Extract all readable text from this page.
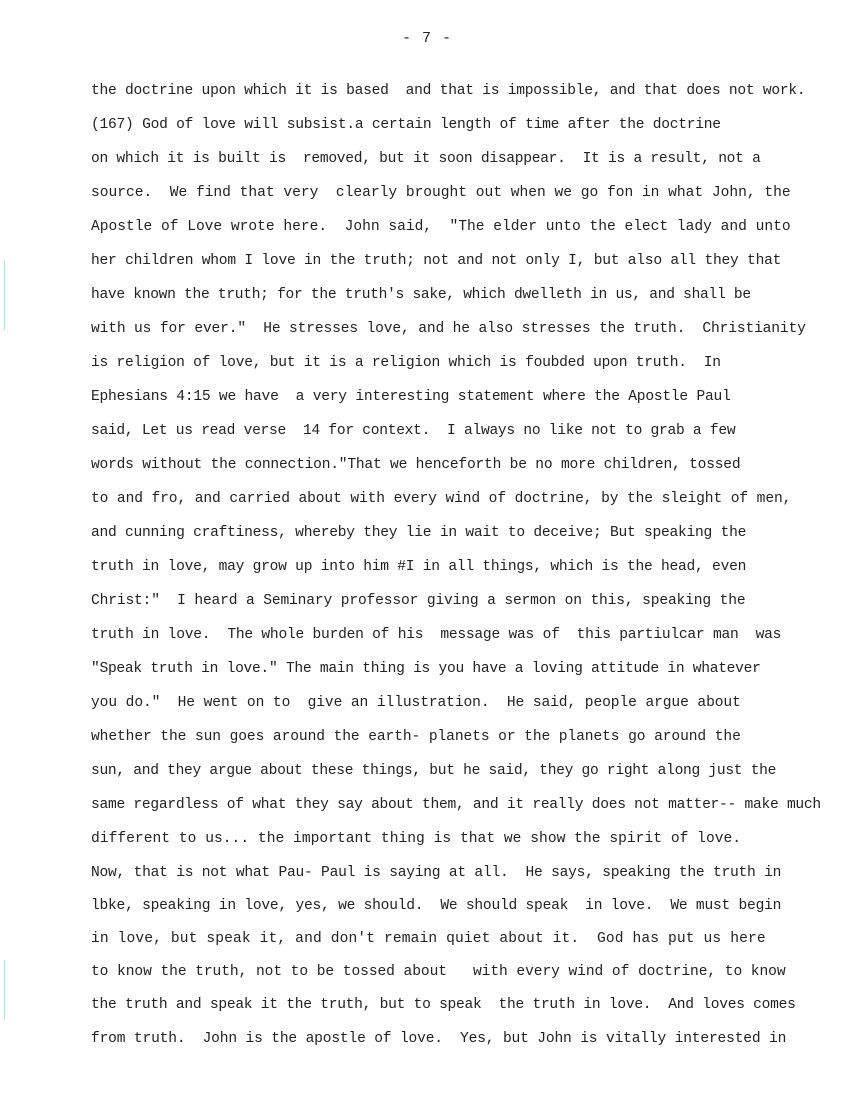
- 7 -
the doctrine upon which it is based  and that is impossible, and that does not work.
(167) God of love will subsist.a certain length of time after the doctrine
on which it is built is  removed, but it soon disappear.  It is a result, not a
source.  We find that very  clearly brought out when we go fon in what John, the
Apostle of Love wrote here.  John said,  "The elder unto the elect lady and unto
her children whom I love in the truth; not and not only I, but also all they that
have known the truth; for the truth's sake, which dwelleth in us, and shall be
with us for ever."  He stresses love, and he also stresses the truth.  Christianity
is religion of love, but it is a religion which is foubded upon truth.  In
Ephesians 4:15 we have  a very interesting statement where the Apostle Paul
said, Let us read verse  14 for context.  I always no like not to grab a few
words without the connection."That we henceforth be no more children, tossed
to and fro, and carried about with every wind of doctrine, by the sleight of men,
and cunning craftiness, whereby they lie in wait to deceive; But speaking the
truth in love, may grow up into him #I in all things, which is the head, even
Christ:"  I heard a Seminary professor giving a sermon on this, speaking the
truth in love.  The whole burden of his  message was of  this partiulcar man  was
"Speak truth in love." The main thing is you have a loving attitude in whatever
you do."  He went on to  give an illustration.  He said, people argue about
whether the sun goes around the earth- planets or the planets go around the
sun, and they argue about these things, but he said, they go right along just the
same regardless of what they say about them, and it really does not matter-- make much
different to us... the important thing is that we show the spirit of love.
Now, that is not what Pau- Paul is saying at all.  He says, speaking the truth in
lbke, speaking in love, yes, we should.  We should speak  in love.  We must begin
in love, but speak it, and don't remain quiet about it.  God has put us here
to know the truth, not to be tossed about   with every wind of doctrine, to know
the truth and speak it the truth, but to speak  the truth in love.  And loves comes
from truth.  John is the apostle of love.  Yes, but John is vitally interested in
